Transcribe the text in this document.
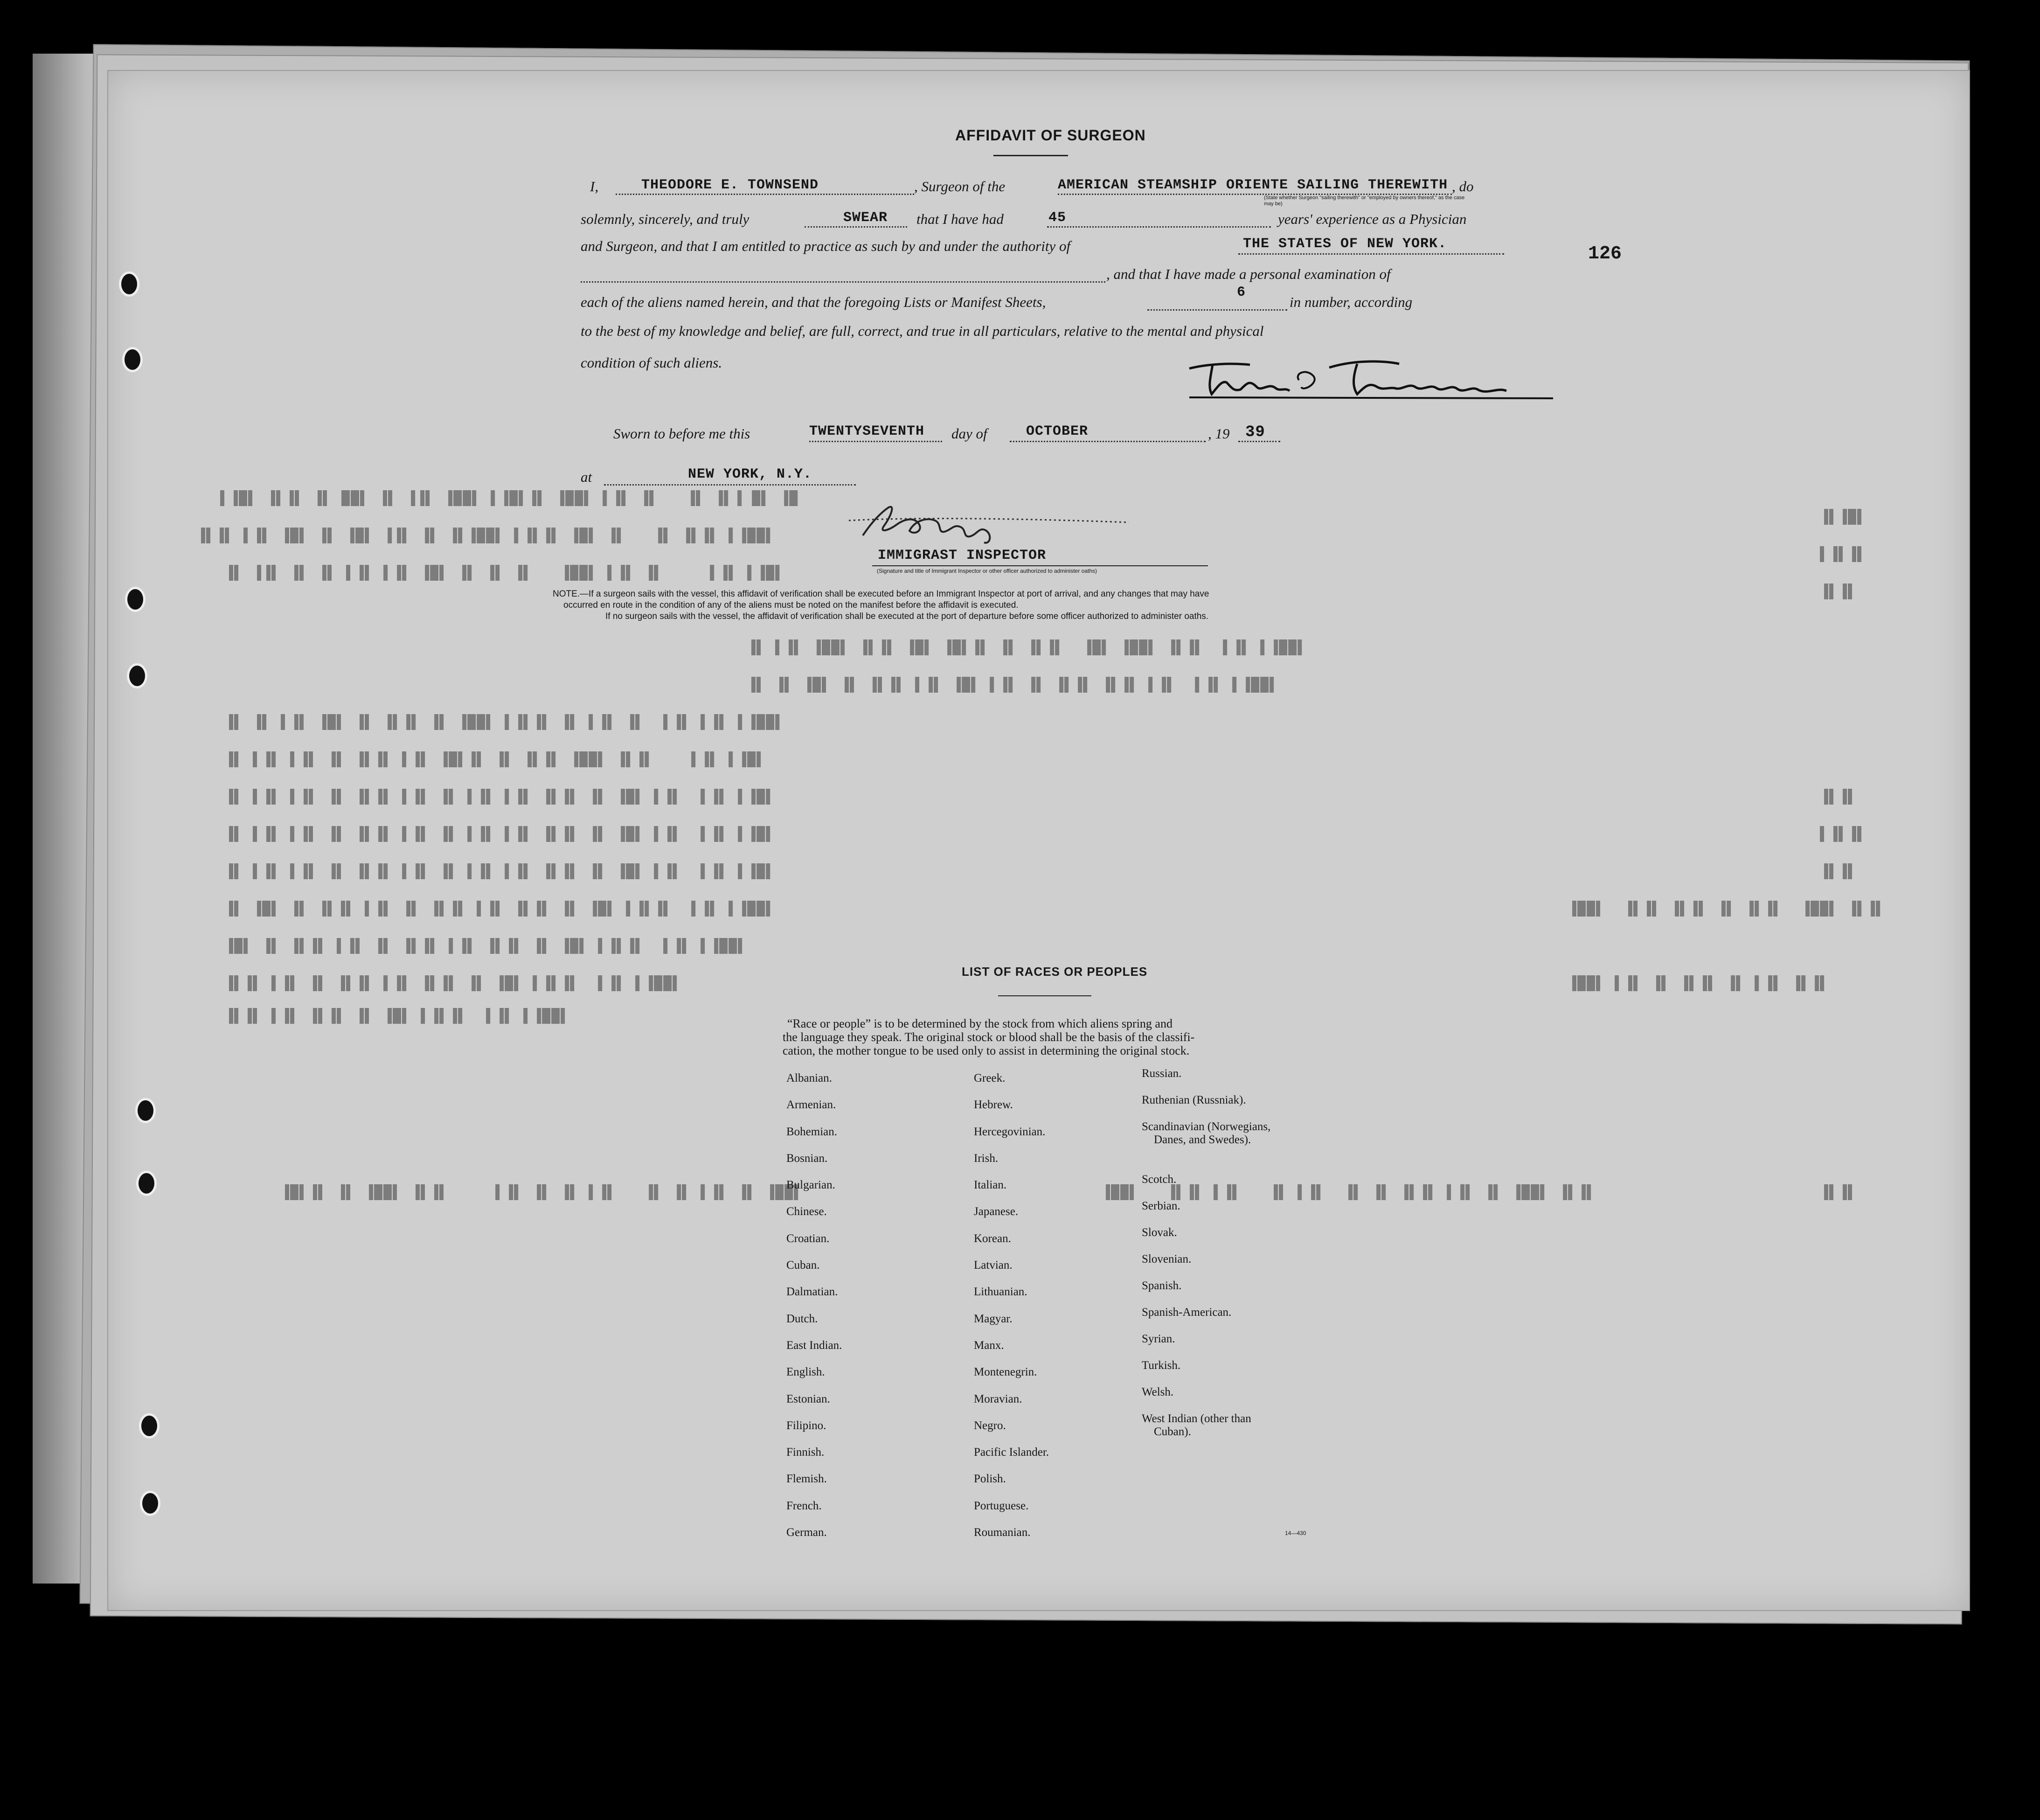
█▌ ▐█ ▌▐▌ ▐▌   ▐▌ ▐▌▐ ▐██▌ ▐▌▐█▌▐ ▐██▌ ▐▌▌ ▐▌ ▐██ ▐▌ ▐▌▐▌ ▐█▌▐
▐██▌▐ ▐▌▐▌ ▐▌   ▐▌ ▐█▌ ▐▌▐▌▐ ▐██▌▐▌ ▐▌ ▐▌▌ ▐█▌ ▐▌ ▐█▌ ▐▌▐ ▐▌▐▌
▐█▌▐ ▐▌▐     ▐▌ ▐▌▐ ▐██▌   ▐▌ ▐▌ ▐▌ ▐█▌ ▐▌▐ ▐▌▐ ▐▌ ▐▌ ▐▌▌ ▐▌
▐██▌▐ ▐▌▐  ▐▌▐▌ ▐██▌ ▐█▌  ▐▌▐▌ ▐▌ ▐▌▐█▌ ▐█▌ ▐▌▐▌ ▐██▌ ▐▌▐ ▐▌
▐██▌▐ ▐▌▐  ▐▌▐ ▐▌▐▌ ▐▌▐▌ ▐▌ ▐▌▐ ▐█▌ ▐▌▐ ▐▌▐▌ ▐▌ ▐█▌ ▐▌ ▐▌
▐██▌▐ ▐▌▐ ▐▌▐  ▐▌ ▐▌▐ ▐▌ ▐▌▐▌▐ ▐██▌ ▐▌ ▐▌▐▌ ▐▌ ▐█▌ ▐▌▐ ▐▌ ▐▌
▐█▌▐ ▐▌▐    ▐▌▐▌ ▐██▌ ▐▌▐▌ ▐▌ ▐▌▐█▌ ▐▌▐ ▐▌▐▌ ▐▌ ▐▌▐ ▐▌▐ ▐▌
▐█▌▐ ▐▌▐  ▐▌▐ ▐█▌ ▐▌ ▐▌▐▌ ▐▌▐ ▐▌▐ ▐▌ ▐▌▐ ▐▌▐▌ ▐▌ ▐▌▐ ▐▌▐ ▐▌
▐█▌▐ ▐▌▐  ▐▌▐ ▐█▌ ▐▌ ▐▌▐▌ ▐▌▐ ▐▌▐ ▐▌ ▐▌▐ ▐▌▐▌ ▐▌ ▐▌▐ ▐▌▐ ▐▌
▐█▌▐ ▐▌▐  ▐▌▐ ▐█▌ ▐▌ ▐▌▐▌ ▐▌▐ ▐▌▐ ▐▌ ▐▌▐ ▐▌▐▌ ▐▌ ▐▌▐ ▐▌▐ ▐▌
▐██▌▐ ▐▌▐  ▐▌▐▌▐ ▐█▌ ▐▌ ▐▌▐▌ ▐▌▐ ▐▌▐▌ ▐▌ ▐▌▐ ▐▌▐▌ ▐▌ ▐█▌ ▐▌
▐██▌▐ ▐▌▐  ▐▌▐▌▐ ▐█▌ ▐▌ ▐▌▐▌ ▐▌▐ ▐▌▐▌ ▐▌ ▐▌▐ ▐▌▐▌ ▐▌ ▐█▌
▐██▌▐ ▐▌▐  ▐▌▐▌▐ ▐█▌ ▐▌ ▐▌▐▌ ▐▌▐ ▐▌▐▌ ▐▌ ▐▌▐ ▐▌▐▌
▐██▌▐ ▐▌▐  ▐▌▐▌▐ ▐█▌ ▐▌ ▐▌▐▌ ▐▌▐ ▐▌▐▌
▐▌▐▌ ▐██▌  ▐▌▐▌ ▐▌ ▐▌▐▌ ▐▌▐▌  ▐██▌
▐▌▐▌ ▐▌▐ ▐▌ ▐▌▐▌ ▐▌ ▐▌▐ ▐██▌
▐██▌ ▐▌ ▐▌▐ ▐▌ ▐▌   ▐▌▐ ▐▌ ▐▌ ▐▌▐     ▐▌▐▌ ▐██▌ ▐▌ ▐▌▐█▌	▐▌▐▌ ▐██▌ ▐▌ ▐▌▐ ▐▌▐▌ ▐▌ ▐▌  ▐▌▐ ▐▌   ▐▌▐ ▐▌▐▌   ▐██▌
▐█▌▐▌
▐▌▐▌▐
▐▌▐▌
▐▌▐▌
▐▌▐▌▐
▐▌▐▌
▐▌▐▌
AFFIDAVIT OF SURGEON
I,	THEODORE E. TOWNSEND	, Surgeon of the	AMERICAN STEAMSHIP ORIENTE SAILING THEREWITH , do
(State whether Surgeon "sailing therewith" or "employed by owners thereof," as the case may be)
solemnly, sincerely, and truly	SWEAR that I have had	45	years' experience as a Physician
and Surgeon, and that I am entitled to practice as such by and under the authority of	THE STATES OF NEW YORK.	126
, and that I have made a personal examination of
each of the aliens named herein, and that the foregoing Lists or Manifest Sheets,
6
in number, according
to the best of my knowledge and belief, are full, correct, and true in all particulars, relative to the mental and physical
condition of such aliens.
Sworn to before me this	TWENTYSEVENTH day of	OCTOBER	, 19 39
at	NEW YORK, N.Y.
IMMIGRAST INSPECTOR
(Signature and title of Immigrant Inspector or other officer authorized to administer oaths)
NOTE.—If a surgeon sails with the vessel, this affidavit of verification shall be executed before an Immigrant Inspector at port of arrival, and any changes that may have
occurred en route in the condition of any of the aliens must be noted on the manifest before the affidavit is executed.
If no surgeon sails with the vessel, the affidavit of verification shall be executed at the port of departure before some officer authorized to administer oaths.
LIST OF RACES OR PEOPLES
“Race or people” is to be determined by the stock from which aliens spring and
the language they speak. The original stock or blood shall be the basis of the classifi-
cation, the mother tongue to be used only to assist in determining the original stock.
Albanian.
Armenian.
Bohemian.
Bosnian.
Bulgarian.
Chinese.
Croatian.
Cuban.
Dalmatian.
Dutch.
East Indian.
English.
Estonian.
Filipino.
Finnish.
Flemish.
French.
German.
Greek.
Hebrew.
Hercegovinian.
Irish.
Italian.
Japanese.
Korean.
Latvian.
Lithuanian.
Magyar.
Manx.
Montenegrin.
Moravian.
Negro.
Pacific Islander.
Polish.
Portuguese.
Roumanian.
Russian.
Ruthenian (Russniak).
Scandinavian (Norwegians,
Danes, and Swedes).
Scotch.
Serbian.
Slovak.
Slovenian.
Spanish.
Spanish-American.
Syrian.
Turkish.
Welsh.
West Indian (other than
Cuban).
14—430
